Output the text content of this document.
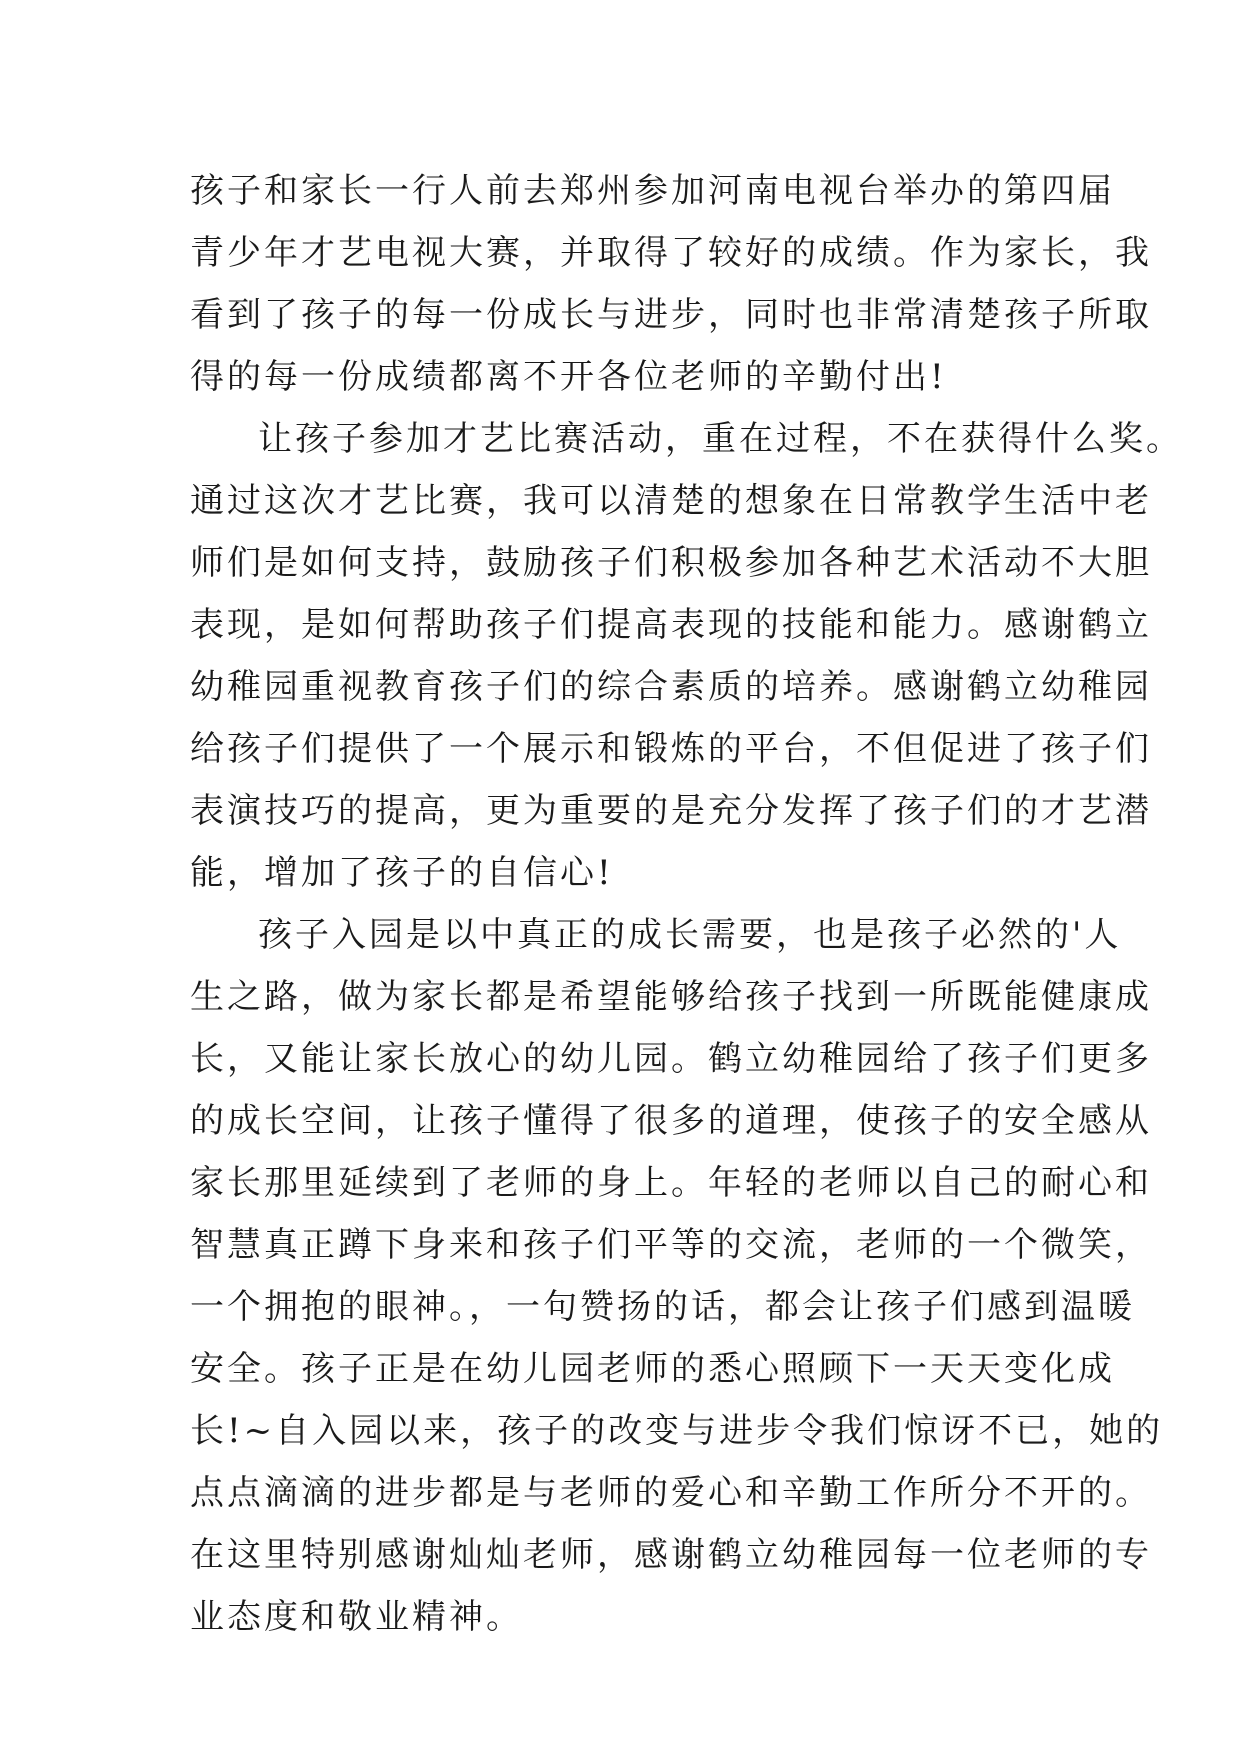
孩子和家长一行人前去郑州参加河南电视台举办的第四届
青少年才艺电视大赛，并取得了较好的成绩。作为家长，我
看到了孩子的每一份成长与进步，同时也非常清楚孩子所取
得的每一份成绩都离不开各位老师的辛勤付出!
让孩子参加才艺比赛活动，重在过程，不在获得什么奖。
通过这次才艺比赛，我可以清楚的想象在日常教学生活中老
师们是如何支持，鼓励孩子们积极参加各种艺术活动不大胆
表现，是如何帮助孩子们提高表现的技能和能力。感谢鹤立
幼稚园重视教育孩子们的综合素质的培养。感谢鹤立幼稚园
给孩子们提供了一个展示和锻炼的平台，不但促进了孩子们
表演技巧的提高，更为重要的是充分发挥了孩子们的才艺潜
能，增加了孩子的自信心!
孩子入园是以中真正的成长需要，也是孩子必然的'人
生之路，做为家长都是希望能够给孩子找到一所既能健康成
长，又能让家长放心的幼儿园。鹤立幼稚园给了孩子们更多
的成长空间，让孩子懂得了很多的道理，使孩子的安全感从
家长那里延续到了老师的身上。年轻的老师以自己的耐心和
智慧真正蹲下身来和孩子们平等的交流，老师的一个微笑，
一个拥抱的眼神。，一句赞扬的话，都会让孩子们感到温暖
安全。孩子正是在幼儿园老师的悉心照顾下一天天变化成
长!~自入园以来，孩子的改变与进步令我们惊讶不已，她的
点点滴滴的进步都是与老师的爱心和辛勤工作所分不开的。
在这里特别感谢灿灿老师，感谢鹤立幼稚园每一位老师的专
业态度和敬业精神。
